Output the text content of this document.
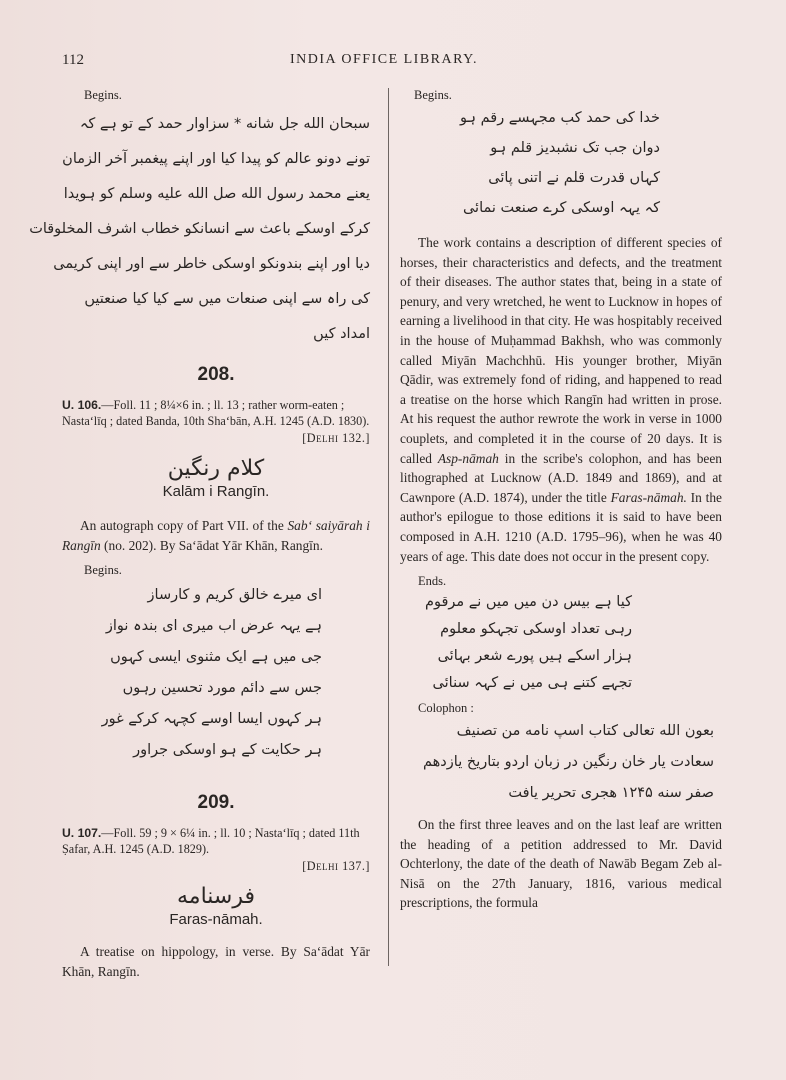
112	INDIA OFFICE LIBRARY.

Begins.

سبحان الله جل شانه * سزاوار حمد کے تو ہے کہ
تونے دونو عالم کو پیدا کیا اور اپنے پیغمبر آخر الزمان
یعنے محمد رسول الله صل الله علیه وسلم کو ہویدا
کرکے اوسکے باعث سے انسانکو خطاب اشرف المخلوقات
دیا اور اپنے بندونکو اوسکی خاطر سے اور اپنی کریمی
کی راہ سے اپنی صنعات میں سے کیا کیا صنعتیں
امداد کیں

208.

U. 106.—Foll. 11 ; 8¼×6 in. ; ll. 13 ; rather worm-eaten ; Nastaʻlīq ; dated Banda, 10th Shaʻbān, A.H. 1245 (A.D. 1830).

[Delhi 132.]

کلام رنگین

Kalām i Rangīn.

An autograph copy of Part VII. of the Sabʻ saiyārah i Rangīn (no. 202). By Saʻādat Yār Khān, Rangīn.

Begins.

ای میرے خالق کریم و کارساز
ہے یہہ عرض اب میری ای بندہ نواز
جی میں ہے ایک مثنوی ایسی کہوں
جس سے دائم مورد تحسین رہوں
ہر کہوں ایسا اوسے کچہہ کرکے غور
ہر حکایت کے ہو اوسکی جراور

209.

U. 107.—Foll. 59 ; 9 × 6¼ in. ; ll. 10 ; Nastaʻlīq ; dated 11th Ṣafar, A.H. 1245 (A.D. 1829).

[Delhi 137.]

فرسنامه

Faras-nāmah.

A treatise on hippology, in verse. By Saʻādat Yār Khān, Rangīn.

Begins.

خدا کی حمد کب مجہسے رقم ہو
دوان جب تک نشبدیز قلم ہو
کہاں قدرت قلم نے اتنی پائی
کہ یہہ اوسکی کرے صنعت نمائی

The work contains a description of different species of horses, their characteristics and defects, and the treatment of their diseases. The author states that, being in a state of penury, and very wretched, he went to Lucknow in hopes of earning a livelihood in that city. He was hospitably received in the house of Muḥammad Bakhsh, who was commonly called Miyān Machchhū. His younger brother, Miyān Qādir, was extremely fond of riding, and happened to read a treatise on the horse which Rangīn had written in prose. At his request the author rewrote the work in verse in 1000 couplets, and completed it in the course of 20 days. It is called Asp-nāmah in the scribe's colophon, and has been lithographed at Lucknow (A.D. 1849 and 1869), and at Cawnpore (A.D. 1874), under the title Faras-nāmah. In the author's epilogue to those editions it is said to have been composed in A.H. 1210 (A.D. 1795–96), when he was 40 years of age. This date does not occur in the present copy.

Ends.

کیا ہے بیس دن میں میں نے مرقوم
رہی تعداد اوسکی تجہکو معلوم
ہزار اسکے ہیں پورے شعر بہائی
تجہے کتنے ہی میں نے کہہ سنائی

Colophon :

بعون الله تعالی کتاب اسپ نامه من تصنیف
سعادت یار خان رنگین در زبان اردو بتاریخ یازدهم
صفر سنه ۱۲۴۵ هجری تحریر یافت

On the first three leaves and on the last leaf are written the heading of a petition addressed to Mr. David Ochterlony, the date of the death of Nawāb Begam Zeb al-Nisā on the 27th January, 1816, various medical prescriptions, the formula
